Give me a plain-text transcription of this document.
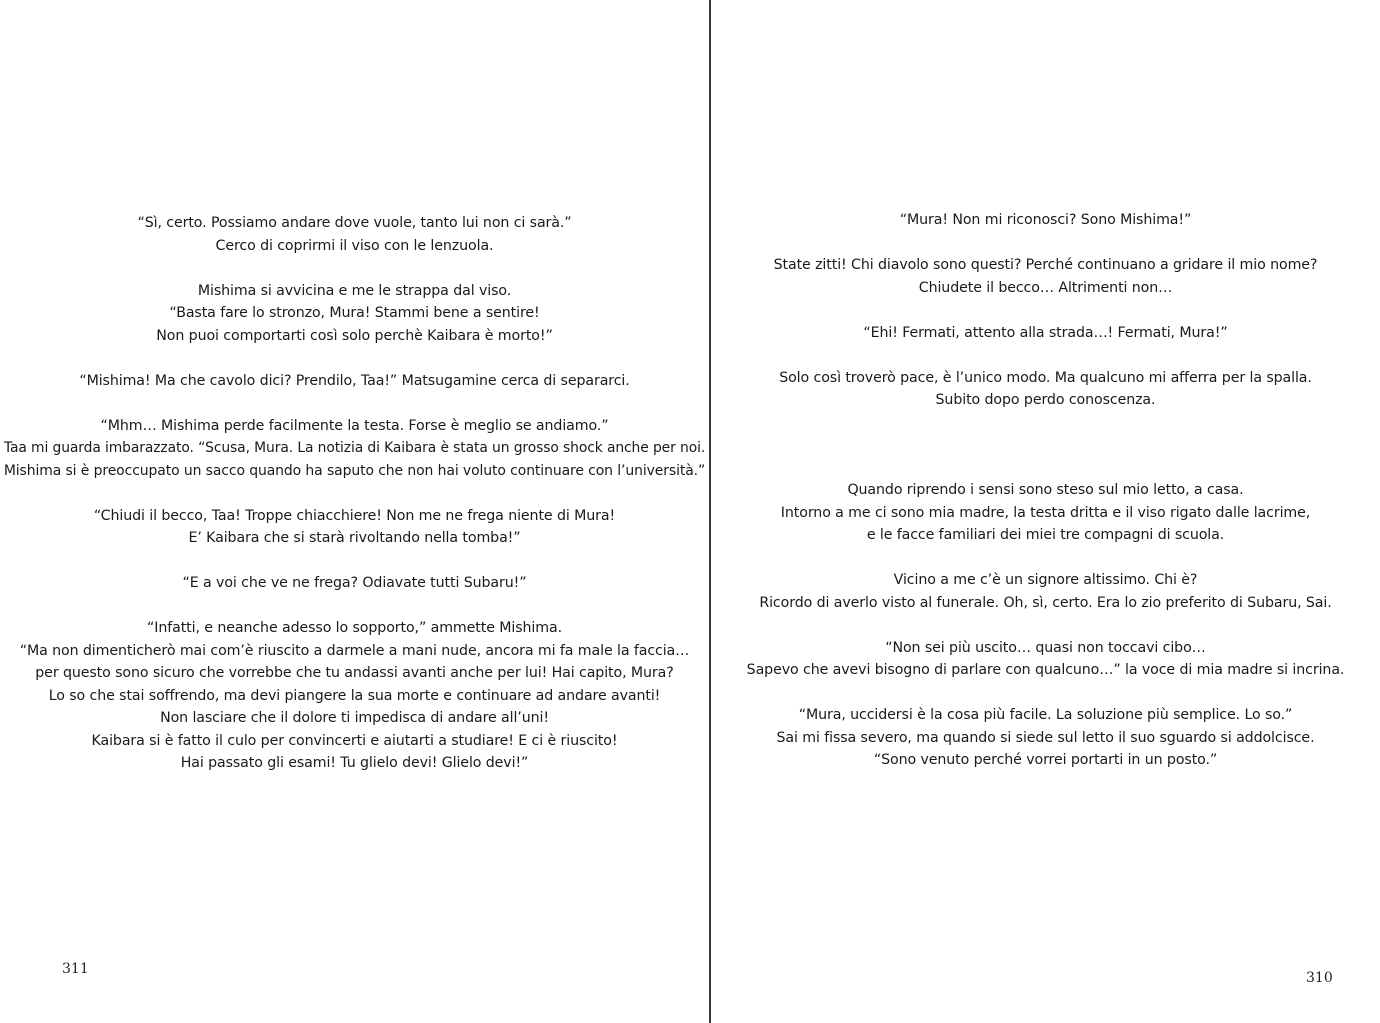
“Sì, certo. Possiamo andare dove vuole, tanto lui non ci sarà.”
Cerco di coprirmi il viso con le lenzuola.
Mishima si avvicina e me le strappa dal viso.
“Basta fare lo stronzo, Mura! Stammi bene a sentire!
Non puoi comportarti così solo perchè Kaibara è morto!”
“Mishima! Ma che cavolo dici? Prendilo, Taa!” Matsugamine cerca di separarci.
“Mhm… Mishima perde facilmente la testa. Forse è meglio se andiamo.”
Taa mi guarda imbarazzato. “Scusa, Mura. La notizia di Kaibara è stata un grosso shock anche per noi.
Mishima si è preoccupato un sacco quando ha saputo che non hai voluto continuare con l’università.”
“Chiudi il becco, Taa! Troppe chiacchiere! Non me ne frega niente di Mura!
E’ Kaibara che si starà rivoltando nella tomba!”
“E a voi che ve ne frega? Odiavate tutti Subaru!”
“Infatti, e neanche adesso lo sopporto,” ammette Mishima.
“Ma non dimenticherò mai com’è riuscito a darmele a mani nude, ancora mi fa male la faccia…
per questo sono sicuro che vorrebbe che tu andassi avanti anche per lui! Hai capito, Mura?
Lo so che stai soffrendo, ma devi piangere la sua morte e continuare ad andare avanti!
Non lasciare che il dolore ti impedisca di andare all’uni!
Kaibara si è fatto il culo per convincerti e aiutarti a studiare! E ci è riuscito!
Hai passato gli esami! Tu glielo devi! Glielo devi!”
311
“Mura! Non mi riconosci? Sono Mishima!”
State zitti! Chi diavolo sono questi? Perché continuano a gridare il mio nome?
Chiudete il becco… Altrimenti non…
“Ehi! Fermati, attento alla strada…! Fermati, Mura!”
Solo così troverò pace, è l’unico modo. Ma qualcuno mi afferra per la spalla.
Subito dopo perdo conoscenza.
Quando riprendo i sensi sono steso sul mio letto, a casa.
Intorno a me ci sono mia madre, la testa dritta e il viso rigato dalle lacrime,
e le facce familiari dei miei tre compagni di scuola.
Vicino a me c’è un signore altissimo. Chi è?
Ricordo di averlo visto al funerale. Oh, sì, certo. Era lo zio preferito di Subaru, Sai.
“Non sei più uscito… quasi non toccavi cibo…
Sapevo che avevi bisogno di parlare con qualcuno…” la voce di mia madre si incrina.
“Mura, uccidersi è la cosa più facile. La soluzione più semplice. Lo so.”
Sai mi fissa severo, ma quando si siede sul letto il suo sguardo si addolcisce.
“Sono venuto perché vorrei portarti in un posto.”
310
